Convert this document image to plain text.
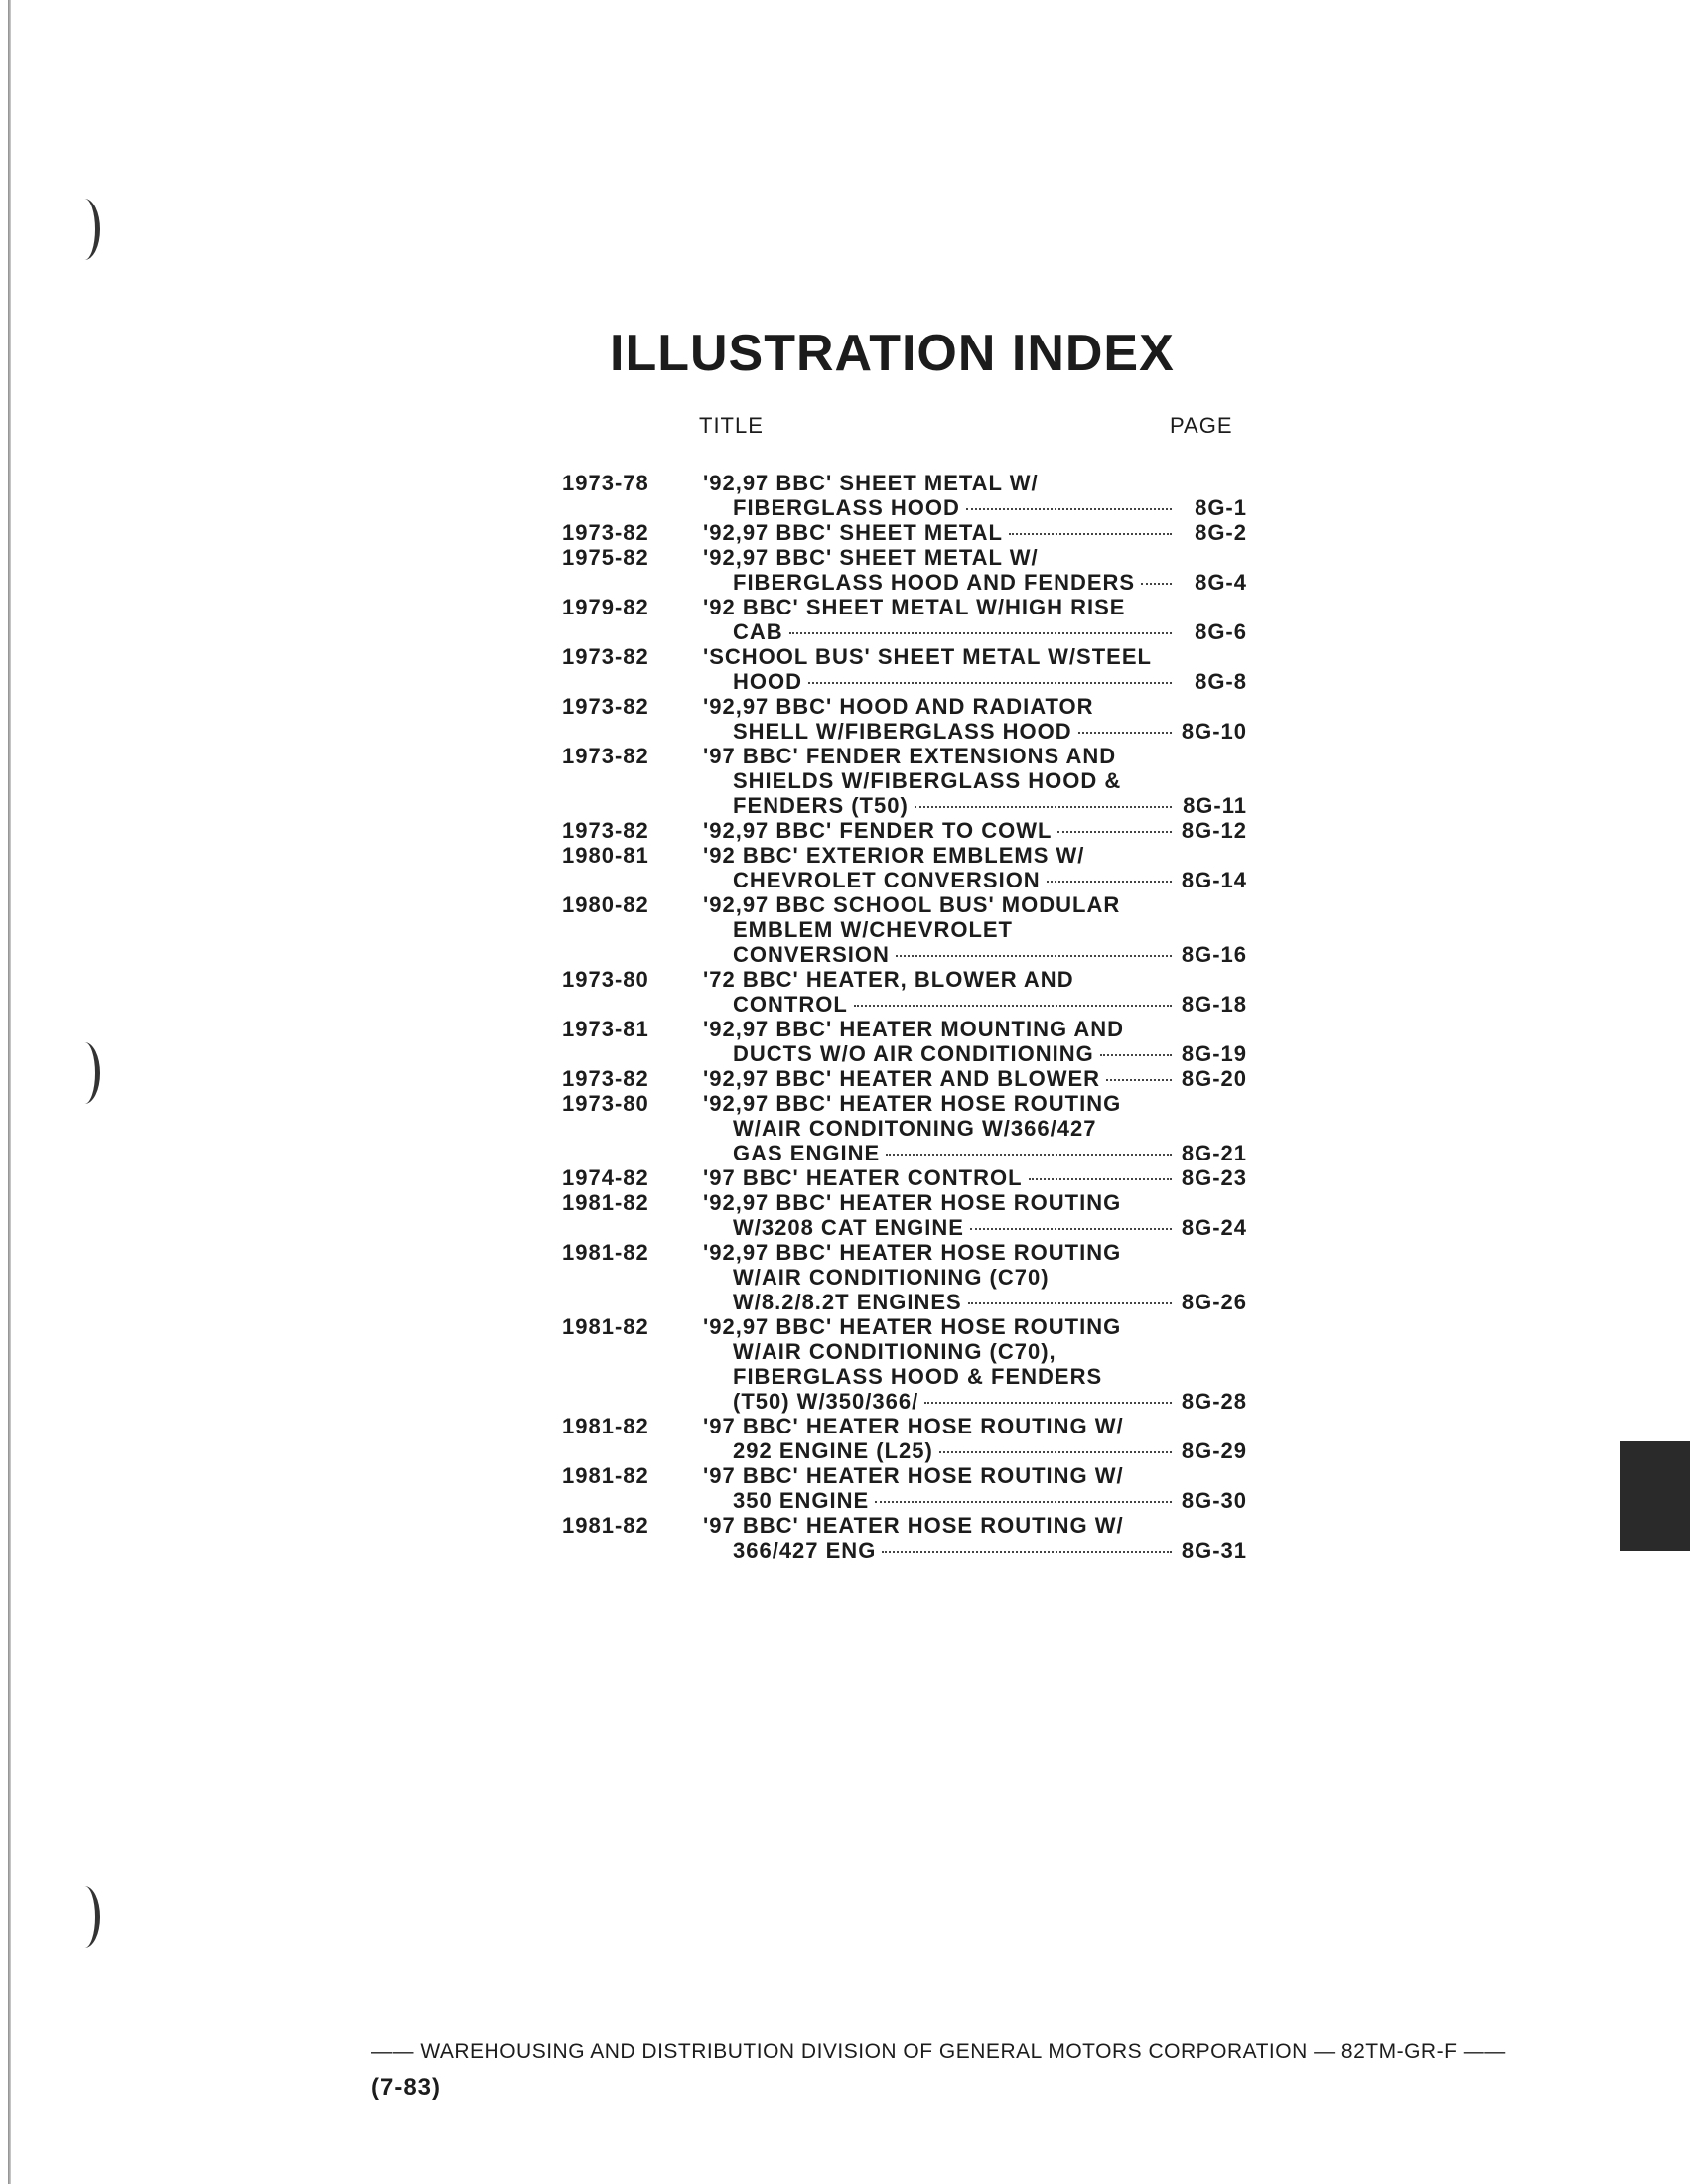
ILLUSTRATION INDEX
TITLE	PAGE
1973-78	'92,97 BBC' SHEET METAL W/
FIBERGLASS HOOD	8G-1
1973-82	'92,97 BBC' SHEET METAL	8G-2
1975-82	'92,97 BBC' SHEET METAL W/
FIBERGLASS HOOD AND FENDERS	8G-4
1979-82	'92 BBC' SHEET METAL W/HIGH RISE
CAB	8G-6
1973-82	'SCHOOL BUS' SHEET METAL W/STEEL
HOOD	8G-8
1973-82	'92,97 BBC' HOOD AND RADIATOR
SHELL W/FIBERGLASS HOOD	8G-10
1973-82	'97 BBC' FENDER EXTENSIONS AND
SHIELDS W/FIBERGLASS HOOD &
FENDERS (T50)	8G-11
1973-82	'92,97 BBC' FENDER TO COWL	8G-12
1980-81	'92 BBC' EXTERIOR EMBLEMS W/
CHEVROLET CONVERSION	8G-14
1980-82	'92,97 BBC SCHOOL BUS' MODULAR
EMBLEM W/CHEVROLET
CONVERSION	8G-16
1973-80	'72 BBC' HEATER, BLOWER AND
CONTROL	8G-18
1973-81	'92,97 BBC' HEATER MOUNTING AND
DUCTS W/O AIR CONDITIONING	8G-19
1973-82	'92,97 BBC' HEATER AND BLOWER	8G-20
1973-80	'92,97 BBC' HEATER HOSE ROUTING
W/AIR CONDITONING W/366/427
GAS ENGINE	8G-21
1974-82	'97 BBC' HEATER CONTROL	8G-23
1981-82	'92,97 BBC' HEATER HOSE ROUTING
W/3208 CAT ENGINE	8G-24
1981-82	'92,97 BBC' HEATER HOSE ROUTING
W/AIR CONDITIONING (C70)
W/8.2/8.2T ENGINES	8G-26
1981-82	'92,97 BBC' HEATER HOSE ROUTING
W/AIR CONDITIONING (C70),
FIBERGLASS HOOD & FENDERS
(T50) W/350/366/	8G-28
1981-82	'97 BBC' HEATER HOSE ROUTING W/
292 ENGINE (L25)	8G-29
1981-82	'97 BBC' HEATER HOSE ROUTING W/
350 ENGINE	8G-30
1981-82	'97 BBC' HEATER HOSE ROUTING W/
366/427 ENG	8G-31
—— WAREHOUSING AND DISTRIBUTION DIVISION OF GENERAL MOTORS CORPORATION — 82TM-GR-F ——
(7-83)
